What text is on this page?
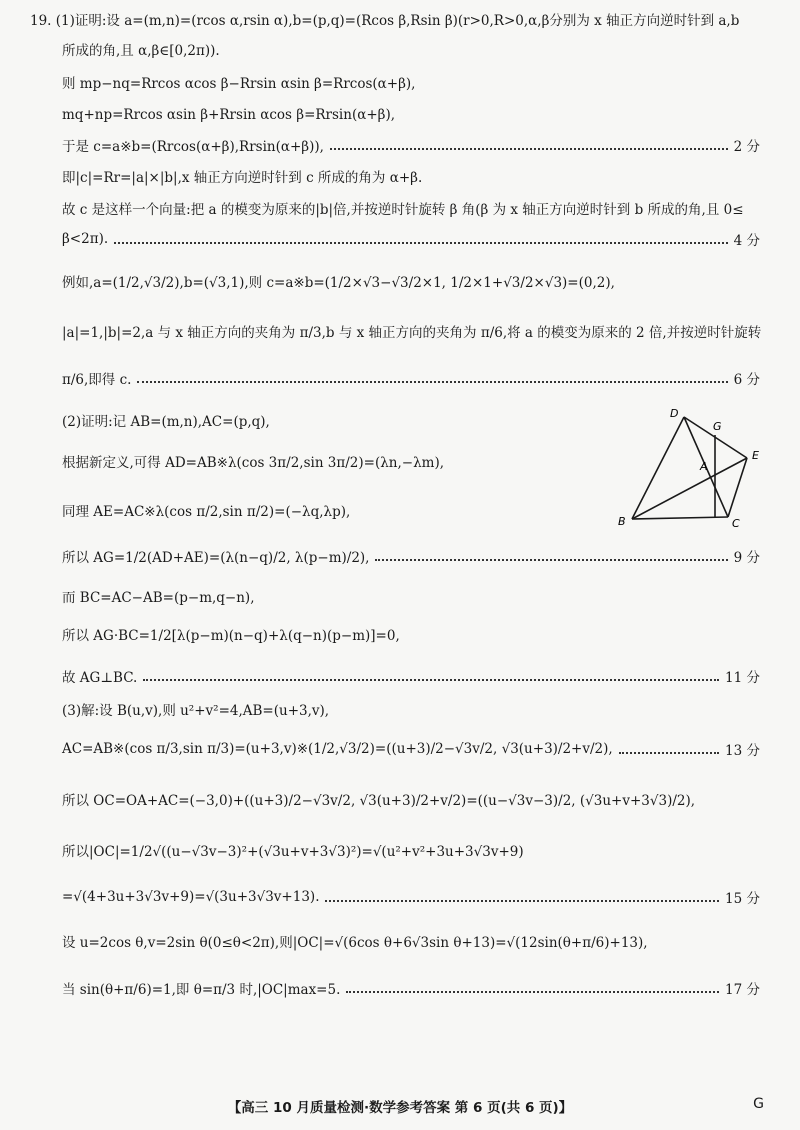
19. (1)证明:设 a=(m,n)=(rcos α,rsin α),b=(p,q)=(Rcos β,Rsin β)(r>0,R>0,α,β分别为 x 轴正方向逆时针到 a,b
所成的角,且 α,β∈[0,2π)).
则 mp−nq=Rrcos αcos β−Rrsin αsin β=Rrcos(α+β),
mq+np=Rrcos αsin β+Rrsin αcos β=Rrsin(α+β),
于是 c=a※b=(Rrcos(α+β),Rrsin(α+β)),	2 分
即|c|=Rr=|a|×|b|,x 轴正方向逆时针到 c 所成的角为 α+β.
故 c 是这样一个向量:把 a 的模变为原来的|b|倍,并按逆时针旋转 β 角(β 为 x 轴正方向逆时针到 b 所成的角,且 0≤
β<2π).	4 分
例如,a=(1/2,√3/2),b=(√3,1),则 c=a※b=(1/2×√3−√3/2×1, 1/2×1+√3/2×√3)=(0,2),
|a|=1,|b|=2,a 与 x 轴正方向的夹角为 π/3,b 与 x 轴正方向的夹角为 π/6,将 a 的模变为原来的 2 倍,并按逆时针旋转
π/6,即得 c.	6 分
(2)证明:记 AB=(m,n),AC=(p,q),
根据新定义,可得 AD=AB※λ(cos 3π/2,sin 3π/2)=(λn,−λm),
同理 AE=AC※λ(cos π/2,sin π/2)=(−λq,λp),
所以 AG=1/2(AD+AE)=(λ(n−q)/2, λ(p−m)/2),	9 分
而 BC=AC−AB=(p−m,q−n),
所以 AG·BC=1/2[λ(p−m)(n−q)+λ(q−n)(p−m)]=0,
故 AG⊥BC.	11 分
(3)解:设 B(u,v),则 u²+v²=4,AB=(u+3,v),
AC=AB※(cos π/3,sin π/3)=(u+3,v)※(1/2,√3/2)=((u+3)/2−√3v/2, √3(u+3)/2+v/2),	13 分
所以 OC=OA+AC=(−3,0)+((u+3)/2−√3v/2, √3(u+3)/2+v/2)=((u−√3v−3)/2, (√3u+v+3√3)/2),
所以|OC|=1/2√((u−√3v−3)²+(√3u+v+3√3)²)=√(u²+v²+3u+3√3v+9)
=√(4+3u+3√3v+9)=√(3u+3√3v+13).	15 分
设 u=2cos θ,v=2sin θ(0≤θ<2π),则|OC|=√(6cos θ+6√3sin θ+13)=√(12sin(θ+π/6)+13),
当 sin(θ+π/6)=1,即 θ=π/3 时,|OC|max=5.	17 分
D
G
E
A
B	C
【高三 10 月质量检测·数学参考答案 第 6 页(共 6 页)】	G
